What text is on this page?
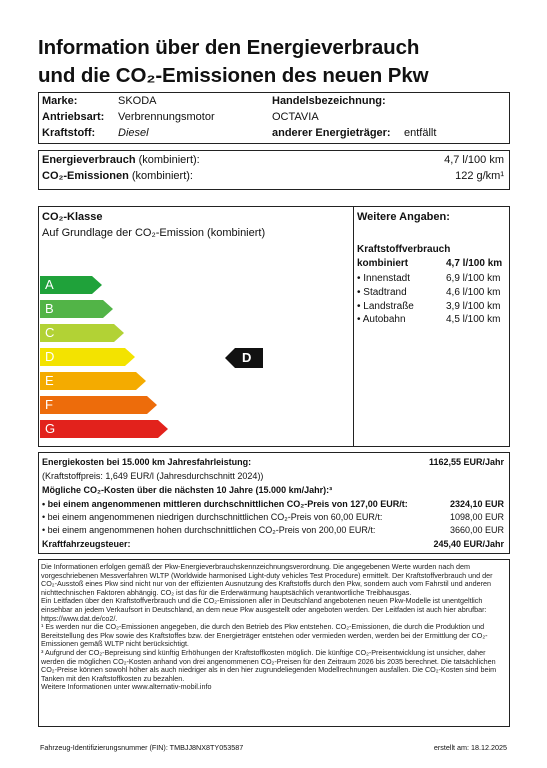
Information über den Energieverbrauch
und die CO₂-Emissionen des neuen Pkw
Marke:	SKODA
Antriebsart: Verbrennungsmotor
Kraftstoff: Diesel
Handelsbezeichnung:
OCTAVIA
anderer Energieträger: entfällt
Energieverbrauch (kombiniert):	4,7 l/100 km
CO₂-Emissionen (kombiniert):	122 g/km¹
CO₂-Klasse
Auf Grundlage der CO₂-Emission (kombiniert)
A
B
C
D
E
F
G
D
Weitere Angaben:
Kraftstoffverbrauch
kombiniert	4,7 l/100 km
• Innenstadt	6,9 l/100 km
• Stadtrand	4,6 l/100 km
• Landstraße	3,9 l/100 km
• Autobahn	4,5 l/100 km
Energiekosten bei 15.000 km Jahresfahrleistung:	1162,55 EUR/Jahr
(Kraftstoffpreis: 1,649 EUR/l (Jahresdurchschnitt 2024))
Mögliche CO₂-Kosten über die nächsten 10 Jahre (15.000 km/Jahr):³
• bei einem angenommenen mittleren durchschnittlichen CO₂-Preis von 127,00 EUR/t:	2324,10 EUR
• bei einem angenommenen niedrigen durchschnittlichen CO₂-Preis von 60,00 EUR/t:	1098,00 EUR
• bei einem angenommenen hohen durchschnittlichen CO₂-Preis von 200,00 EUR/t:	3660,00 EUR
Kraftfahrzeugsteuer:	245,40 EUR/Jahr

Die Informationen erfolgen gemäß der Pkw-Energieverbrauchskennzeichnungsverordnung. Die angegebenen Werte wurden nach dem vorgeschriebenen Messverfahren WLTP (Worldwide harmonised Light-duty vehicles Test Procedure) ermittelt. Der Kraftstoffverbrauch und der CO₂-Ausstoß eines Pkw sind nicht nur von der effizienten Ausnutzung des Kraftstoffs durch den Pkw, sondern auch vom Fahrstil und anderen nichttechnischen Faktoren abhängig. CO₂ ist das für die Erderwärmung hauptsächlich verantwortliche Treibhausgas.

Ein Leitfaden über den Kraftstoffverbrauch und die CO₂-Emissionen aller in Deutschland angebotenen neuen Pkw-Modelle ist unentgeltlich einsehbar an jedem Verkaufsort in Deutschland, an dem neue Pkw ausgestellt oder angeboten werden. Der Leitfaden ist auch hier abrufbar: https://www.dat.de/co2/.

¹ Es werden nur die CO₂-Emissionen angegeben, die durch den Betrieb des Pkw entstehen. CO₂-Emissionen, die durch die Produktion und Bereitstellung des Pkw sowie des Kraftstoffes bzw. der Energieträger entstehen oder vermieden werden, werden bei der Ermittlung der CO₂-Emissionen gemäß WLTP nicht berücksichtigt.

³ Aufgrund der CO₂-Bepreisung sind künftig Erhöhungen der Kraftstoffkosten möglich. Die künftige CO₂-Preisentwicklung ist unsicher, daher werden die möglichen CO₂-Kosten anhand von drei angenommenen CO₂-Preisen für den Zeitraum 2026 bis 2035 berechnet. Die tatsächlichen CO₂-Preise können sowohl höher als auch niedriger als in den hier zugrundeliegenden Modellrechnungen ausfallen. Die CO₂-Kosten sind beim Tanken mit den Kraftstoffkosten zu bezahlen.

Weitere Informationen unter www.alternativ-mobil.info

Fahrzeug-Identifizierungsnummer (FIN): TMBJJ8NX8TY053587	erstellt am: 18.12.2025
